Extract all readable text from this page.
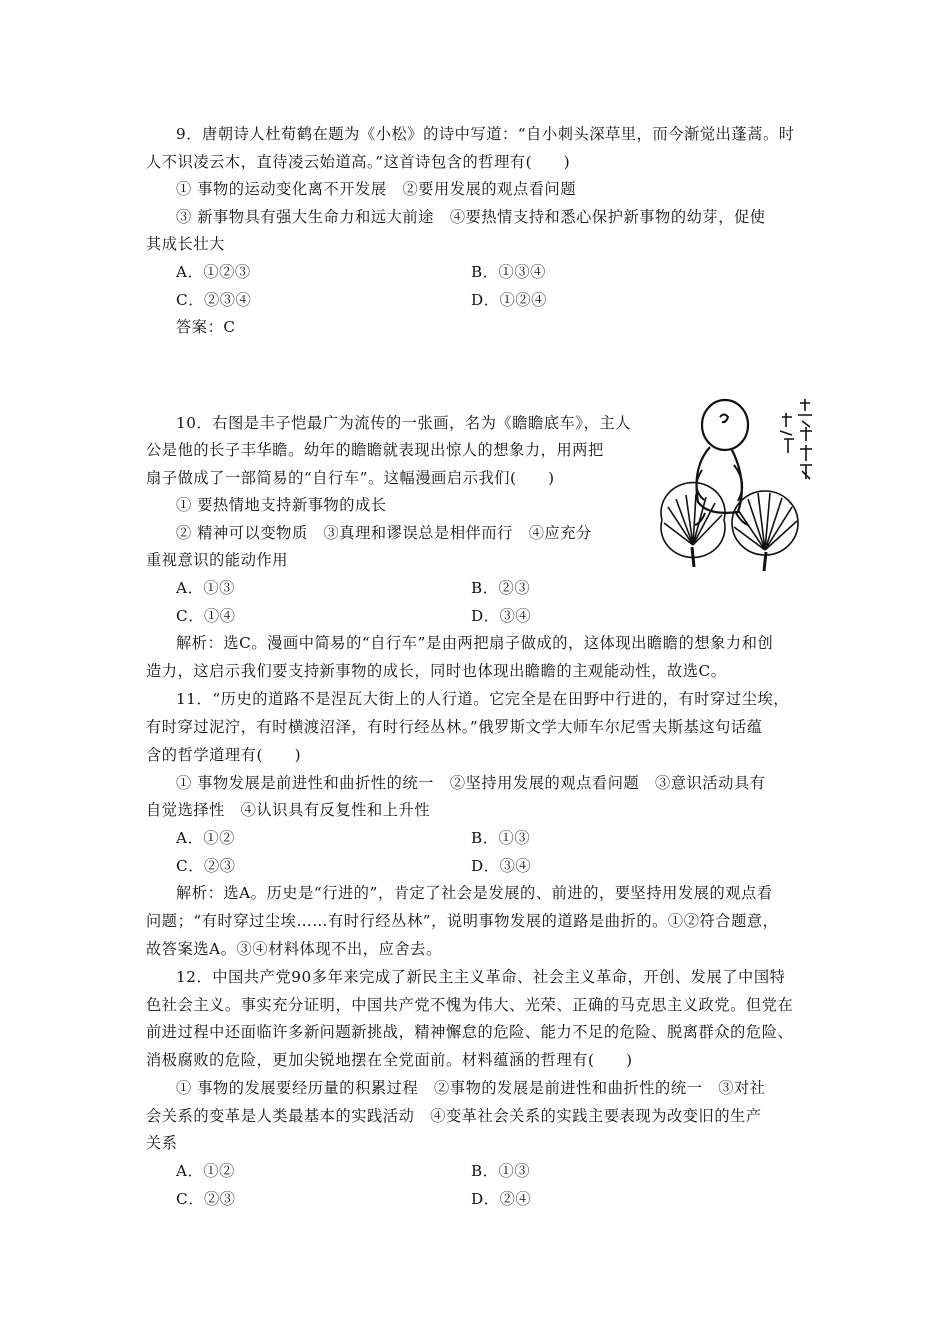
9．唐朝诗人杜荀鹤在题为《小松》的诗中写道：“自小刺头深草里，而今渐觉出蓬蒿。时
人不识凌云木，直待凌云始道高。”这首诗包含的哲理有(　　)
① 事物的运动变化离不开发展　②要用发展的观点看问题
③ 新事物具有强大生命力和远大前途　④要热情支持和悉心保护新事物的幼芽，促使
其成长壮大
A．①②③	B．①③④
C．②③④	D．①②④
答案：C
10．右图是丰子恺最广为流传的一张画，名为《瞻瞻底车》，主人
公是他的长子丰华瞻。幼年的瞻瞻就表现出惊人的想象力，用两把
扇子做成了一部简易的“自行车”。这幅漫画启示我们(　　)
① 要热情地支持新事物的成长
② 精神可以变物质　③真理和谬误总是相伴而行　④应充分
重视意识的能动作用
A．①③	B．②③
C．①④	D．③④
解析：选C。漫画中简易的“自行车”是由两把扇子做成的，这体现出瞻瞻的想象力和创
造力，这启示我们要支持新事物的成长，同时也体现出瞻瞻的主观能动性，故选C。
11．“历史的道路不是涅瓦大街上的人行道。它完全是在田野中行进的，有时穿过尘埃，
有时穿过泥泞，有时横渡沼泽，有时行经丛林。”俄罗斯文学大师车尔尼雪夫斯基这句话蕴
含的哲学道理有(　　)
① 事物发展是前进性和曲折性的统一　②坚持用发展的观点看问题　③意识活动具有
自觉选择性　④认识具有反复性和上升性
A．①②	B．①③
C．②③	D．③④
解析：选A。历史是“行进的”，肯定了社会是发展的、前进的，要坚持用发展的观点看
问题；“有时穿过尘埃……有时行经丛林”，说明事物发展的道路是曲折的。①②符合题意，
故答案选A。③④材料体现不出，应舍去。
12．中国共产党90多年来完成了新民主主义革命、社会主义革命，开创、发展了中国特
色社会主义。事实充分证明，中国共产党不愧为伟大、光荣、正确的马克思主义政党。但党在
前进过程中还面临许多新问题新挑战，精神懈怠的危险、能力不足的危险、脱离群众的危险、
消极腐败的危险，更加尖锐地摆在全党面前。材料蕴涵的哲理有(　　)
① 事物的发展要经历量的积累过程　②事物的发展是前进性和曲折性的统一　③对社
会关系的变革是人类最基本的实践活动　④变革社会关系的实践主要表现为改变旧的生产
关系
A．①②	B．①③
C．②③	D．②④
